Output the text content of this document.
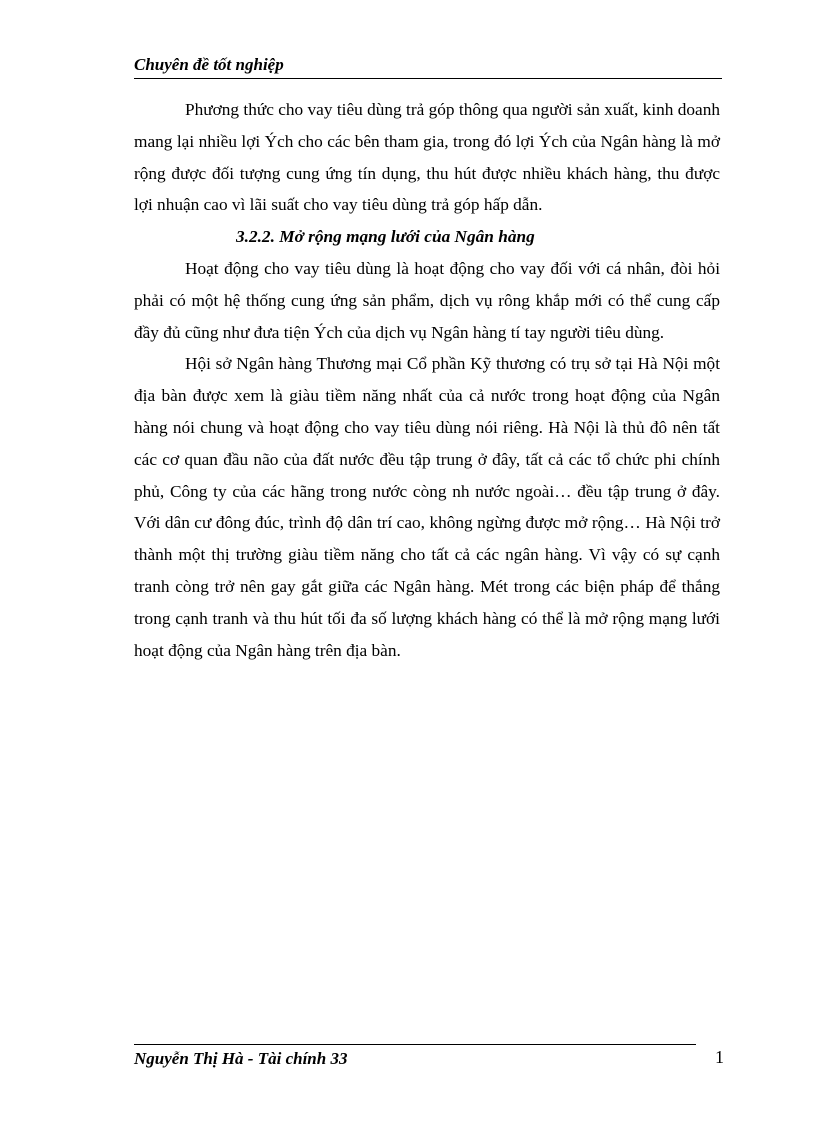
Chuyên đề tốt nghiệp

Phương thức cho vay tiêu dùng trả góp thông qua người sản xuất, kinh doanh mang lại nhiều lợi Ých cho các bên tham gia, trong đó lợi Ých của Ngân hàng là mở rộng được đối tượng cung ứng tín dụng, thu hút được nhiều khách hàng, thu được lợi nhuận cao vì lãi suất cho vay tiêu dùng trả góp hấp dẫn.

3.2.2. Mở rộng mạng lưới của Ngân hàng

Hoạt động cho vay tiêu dùng là hoạt động cho vay đối với cá nhân, đòi hỏi phải có một hệ thống cung ứng sản phẩm, dịch vụ rông khắp mới có thể cung cấp đầy đủ cũng như đưa tiện Ých của dịch vụ Ngân hàng tí tay người tiêu dùng.

Hội sở Ngân hàng Thương mại Cổ phần Kỹ thương có trụ sở tại Hà Nội một địa bàn được xem là giàu tiềm năng nhất của cả nước trong hoạt động của Ngân hàng nói chung và hoạt động cho vay tiêu dùng nói riêng. Hà Nội là thủ đô nên tất các cơ quan đầu não của đất nước đều tập trung ở đây, tất cả các tổ chức phi chính phủ, Công ty của các hãng trong nước còng nh nước ngoài… đều tập trung ở đây. Với dân cư đông đúc, trình độ dân trí cao, không ngừng được mở rộng… Hà Nội trở thành một thị trường giàu tiềm năng cho tất cả các ngân hàng. Vì vậy có sự cạnh tranh còng trở nên gay gắt giữa các Ngân hàng. Mét trong các biện pháp để thắng trong cạnh tranh và thu hút tối đa số lượng khách hàng có thể là mở rộng mạng lưới hoạt động của Ngân hàng trên địa bàn.

Nguyễn Thị Hà - Tài chính 33	1
